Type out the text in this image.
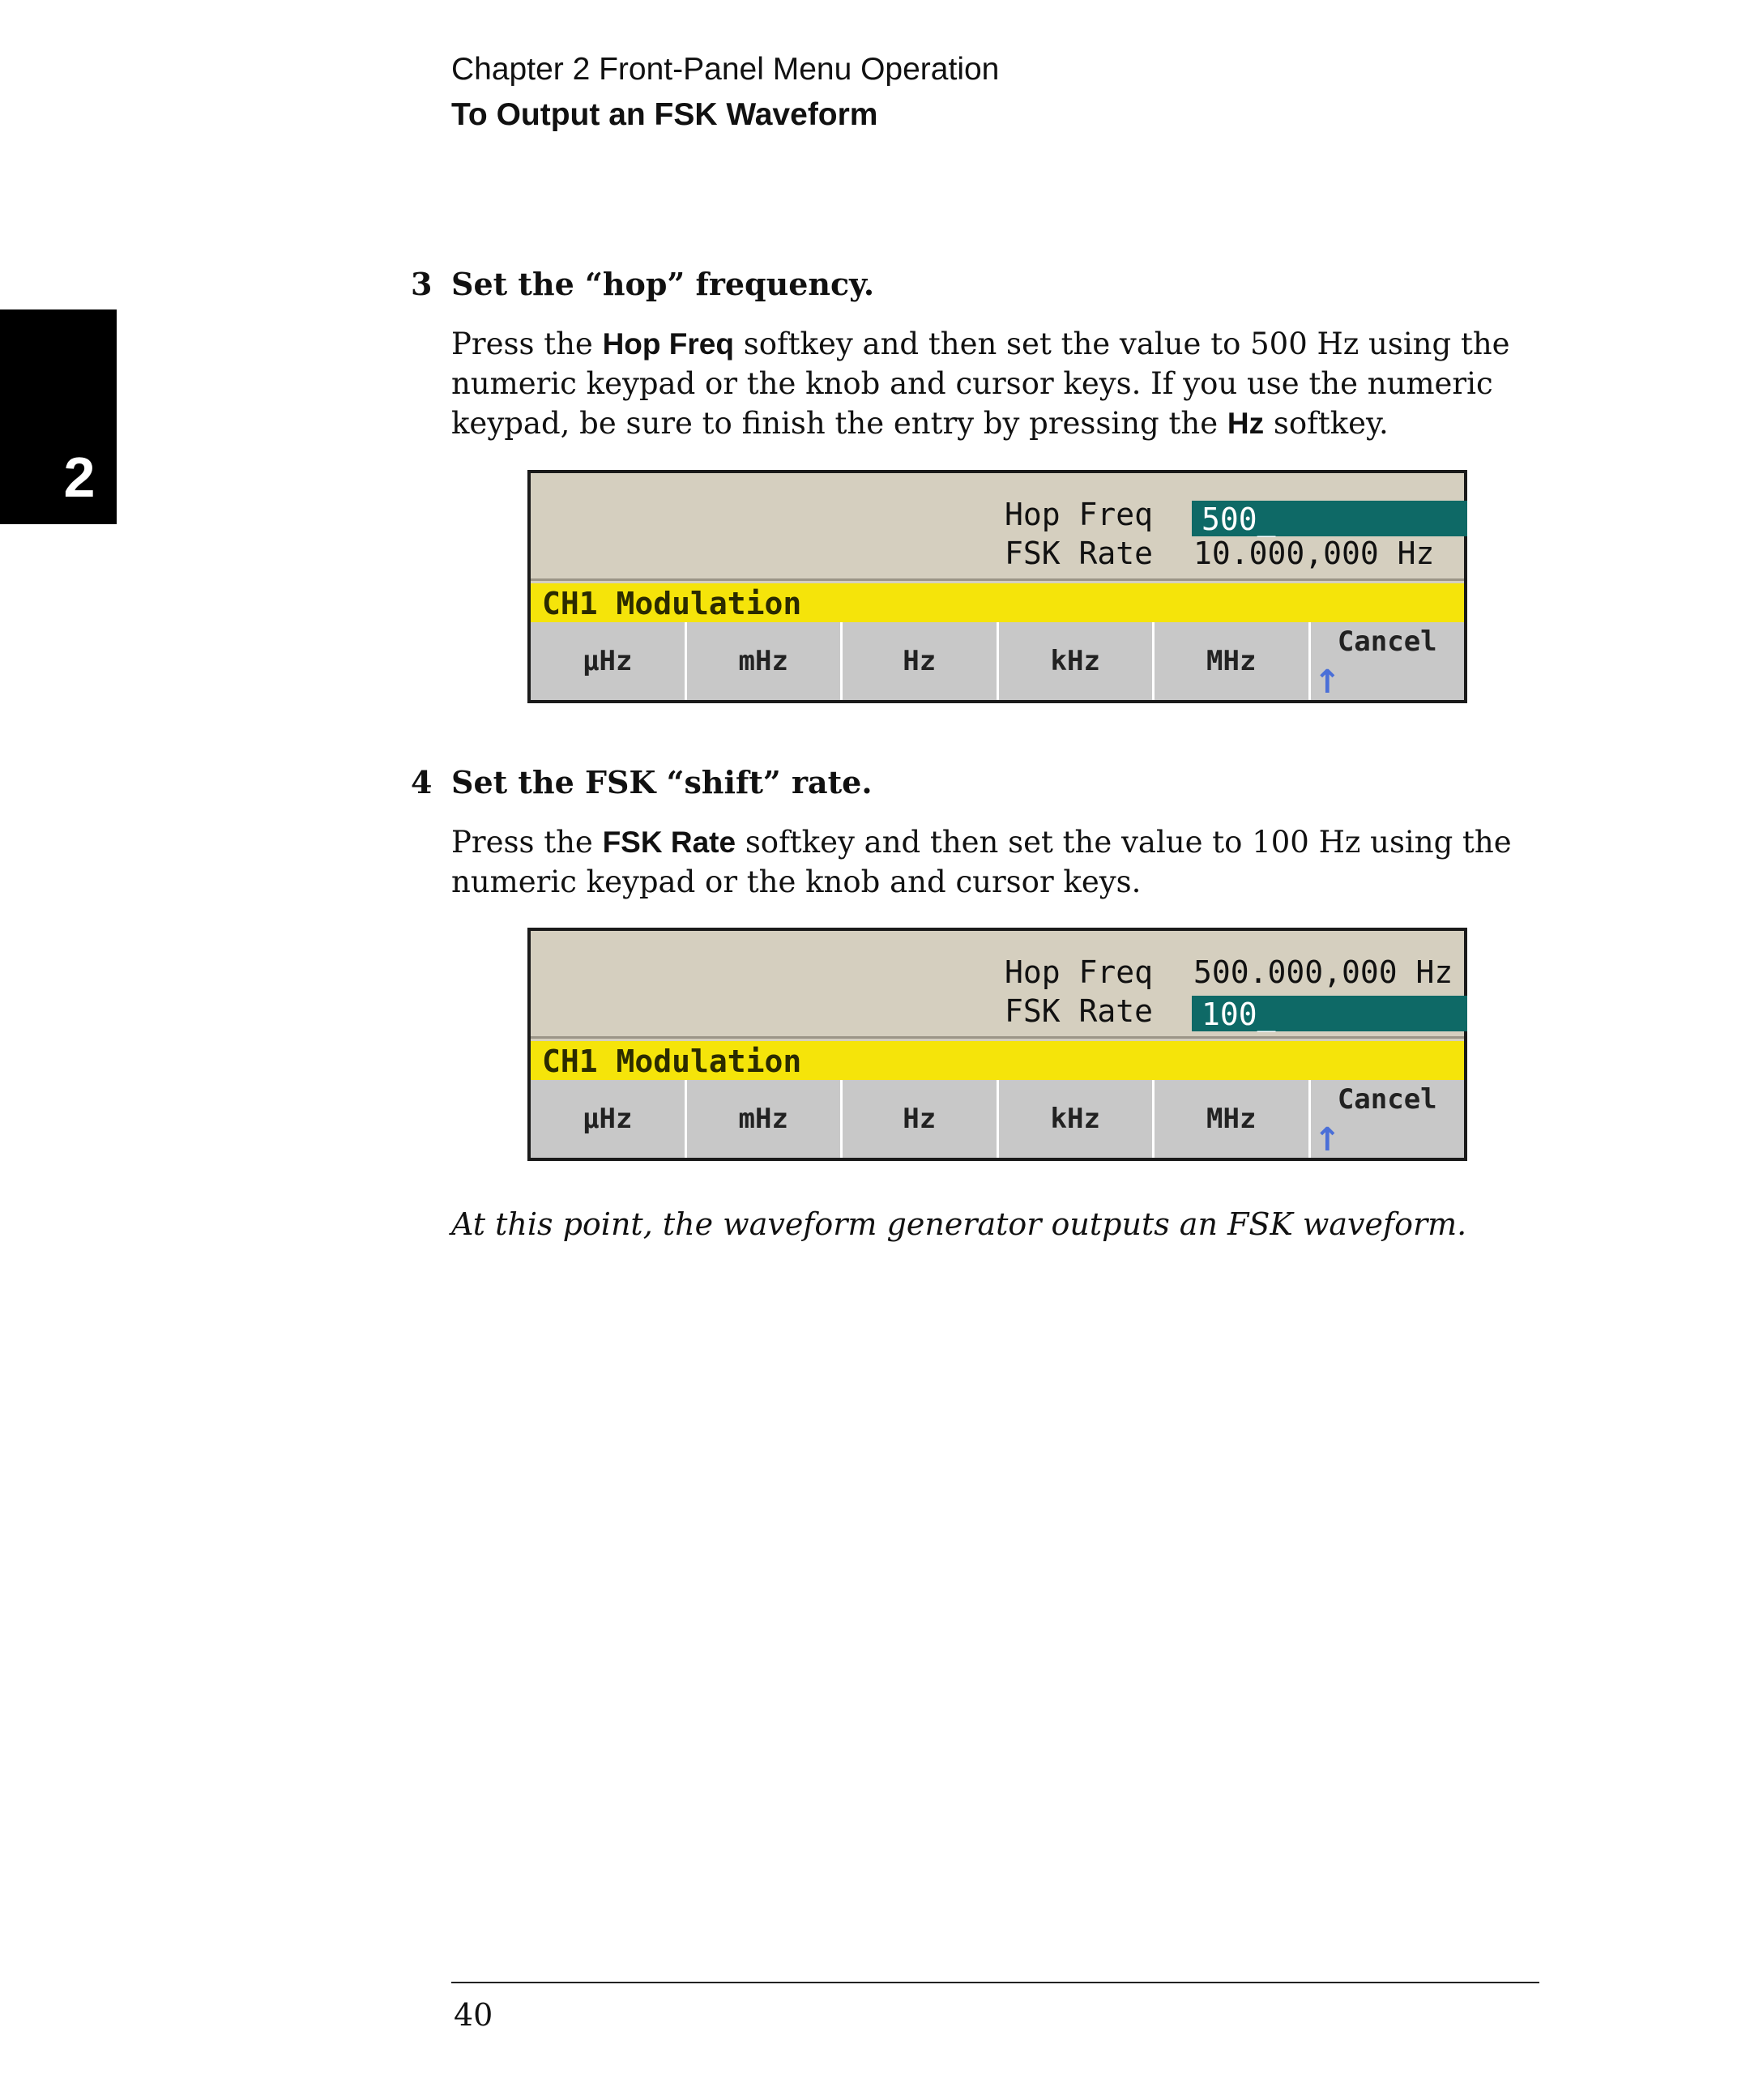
Chapter 2 Front-Panel Menu Operation
To Output an FSK Waveform
2
3 Set the “hop” frequency.
Press the Hop Freq softkey and then set the value to 500 Hz using the numeric keypad or the knob and cursor keys. If you use the numeric keypad, be sure to finish the entry by pressing the Hz softkey.
Hop Freq	500_
FSK Rate 10.000,000 Hz
CH1 Modulation
µHz	mHz	Hz	kHz	MHz
Cancel
↑
4 Set the FSK “shift” rate.
Press the FSK Rate softkey and then set the value to 100 Hz using the numeric keypad or the knob and cursor keys.
Hop Freq 500.000,000 Hz
FSK Rate	100_
CH1 Modulation
µHz	mHz	Hz	kHz	MHz
Cancel
↑
At this point, the waveform generator outputs an FSK waveform.
40
